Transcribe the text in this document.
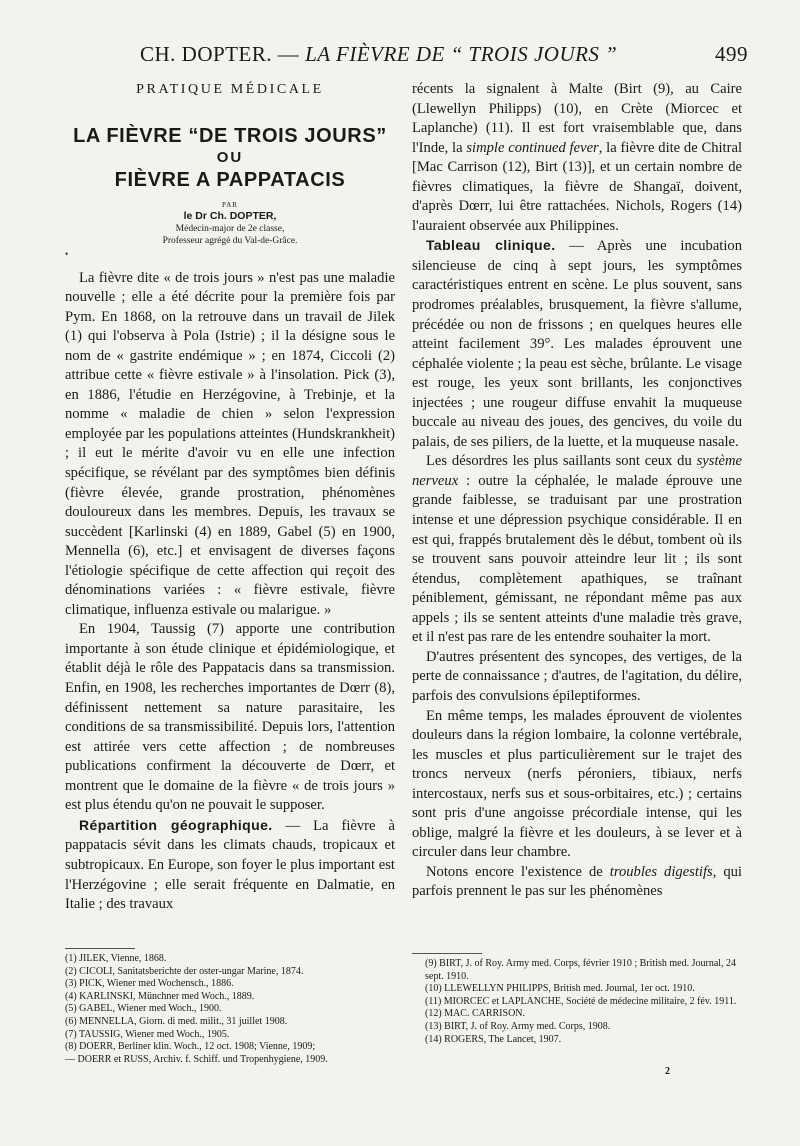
CH. DOPTER. — LA FIÈVRE DE “ TROIS JOURS ”	499
PRATIQUE MÉDICALE
LA FIÈVRE “DE TROIS JOURS”
OU
FIÈVRE A PAPPATACIS
PAR
le Dr Ch. DOPTER,
Médecin-major de 2e classe,
Professeur agrégé du Val-de-Grâce.
•

La fièvre dite « de trois jours » n'est pas une maladie nouvelle ; elle a été décrite pour la première fois par Pym. En 1868, on la retrouve dans un travail de Jilek (1) qui l'observa à Pola (Istrie) ; il la désigne sous le nom de « gastrite endémique » ; en 1874, Ciccoli (2) attribue cette « fièvre estivale » à l'insolation. Pick (3), en 1886, l'étudie en Herzégovine, à Trebinje, et la nomme « maladie de chien » selon l'expression employée par les populations atteintes (Hundskrankheit) ; il eut le mérite d'avoir vu en elle une infection spécifique, se révélant par des symptômes bien définis (fièvre élevée, grande prostration, phénomènes douloureux dans les membres. Depuis, les travaux se succèdent [Karlinski (4) en 1889, Gabel (5) en 1900, Mennella (6), etc.] et envisagent de diverses façons l'étiologie spécifique de cette affection qui reçoit des dénominations variées : « fièvre estivale, fièvre climatique, influenza estivale ou malarigue. »

En 1904, Taussig (7) apporte une contribution importante à son étude clinique et épidémiologique, et établit déjà le rôle des Pappatacis dans sa transmission. Enfin, en 1908, les recherches importantes de Dœrr (8), définissent nettement sa nature parasitaire, les conditions de sa transmissibilité. Depuis lors, l'attention est attirée vers cette affection ; de nombreuses publications confirment la découverte de Dœrr, et montrent que le domaine de la fièvre « de trois jours » est plus étendu qu'on ne pouvait le supposer.

Répartition géographique. — La fièvre à pappatacis sévit dans les climats chauds, tropicaux et subtropicaux. En Europe, son foyer le plus important est l'Herzégovine ; elle serait fréquente en Dalmatie, en Italie ; des travaux

récents la signalent à Malte (Birt (9), au Caire (Llewellyn Philipps) (10), en Crète (Miorcec et Laplanche) (11). Il est fort vraisemblable que, dans l'Inde, la simple continued fever, la fièvre dite de Chitral [Mac Carrison (12), Birt (13)], et un certain nombre de fièvres climatiques, la fièvre de Shangaï, doivent, d'après Dœrr, lui être rattachées. Nichols, Rogers (14) l'auraient observée aux Philippines.

Tableau clinique. — Après une incubation silencieuse de cinq à sept jours, les symptômes caractéristiques entrent en scène. Le plus souvent, sans prodromes préalables, brusquement, la fièvre s'allume, précédée ou non de frissons ; en quelques heures elle atteint facilement 39°. Les malades éprouvent une céphalée violente ; la peau est sèche, brûlante. Le visage est rouge, les yeux sont brillants, les conjonctives injectées ; une rougeur diffuse envahit la muqueuse buccale au niveau des joues, des gencives, du voile du palais, de ses piliers, de la luette, et la muqueuse nasale.

Les désordres les plus saillants sont ceux du système nerveux : outre la céphalée, le malade éprouve une grande faiblesse, se traduisant par une prostration intense et une dépression psychique considérable. Il en est qui, frappés brutalement dès le début, tombent où ils se trouvent sans pouvoir atteindre leur lit ; ils sont étendus, complètement apathiques, se traînant péniblement, gémissant, ne répondant même pas aux appels ; ils se sentent atteints d'une maladie très grave, et il n'est pas rare de les entendre souhaiter la mort.

D'autres présentent des syncopes, des vertiges, de la perte de connaissance ; d'autres, de l'agitation, du délire, parfois des convulsions épileptiformes.

En même temps, les malades éprouvent de violentes douleurs dans la région lombaire, la colonne vertébrale, les muscles et plus particulièrement sur le trajet des troncs nerveux (nerfs péroniers, tibiaux, nerfs intercostaux, nerfs sus et sous-orbitaires, etc.) ; certains sont pris d'une angoisse précordiale intense, qui les oblige, malgré la fièvre et les douleurs, à se lever et à circuler dans leur chambre.

Notons encore l'existence de troubles digestifs, qui parfois prennent le pas sur les phénomènes

(1) JILEK, Vienne, 1868.

(2) CICOLI, Sanitatsberichte der oster-ungar Marine, 1874.

(3) PICK, Wiener med Wochensch., 1886.

(4) KARLINSKI, Münchner med Woch., 1889.

(5) GABEL, Wiener med Woch., 1900.

(6) MENNELLA, Giorn. di med. milit., 31 juillet 1908.

(7) TAUSSIG, Wiener med Woch., 1905.

(8) DOERR, Berliner klin. Woch., 12 oct. 1908; Vienne, 1909;

— DOERR et RUSS, Archiv. f. Schiff. und Tropenhygiene, 1909.

(9) BIRT, J. of Roy. Army med. Corps, février 1910 ; British med. Journal, 24 sept. 1910.

(10) LLEWELLYN PHILIPPS, British med. Journal, 1er oct. 1910.

(11) MIORCEC et LAPLANCHE, Société de médecine militaire, 2 fév. 1911.

(12) MAC. CARRISON.

(13) BIRT, J. of Roy. Army med. Corps, 1908.

(14) ROGERS, The Lancet, 1907.

2
